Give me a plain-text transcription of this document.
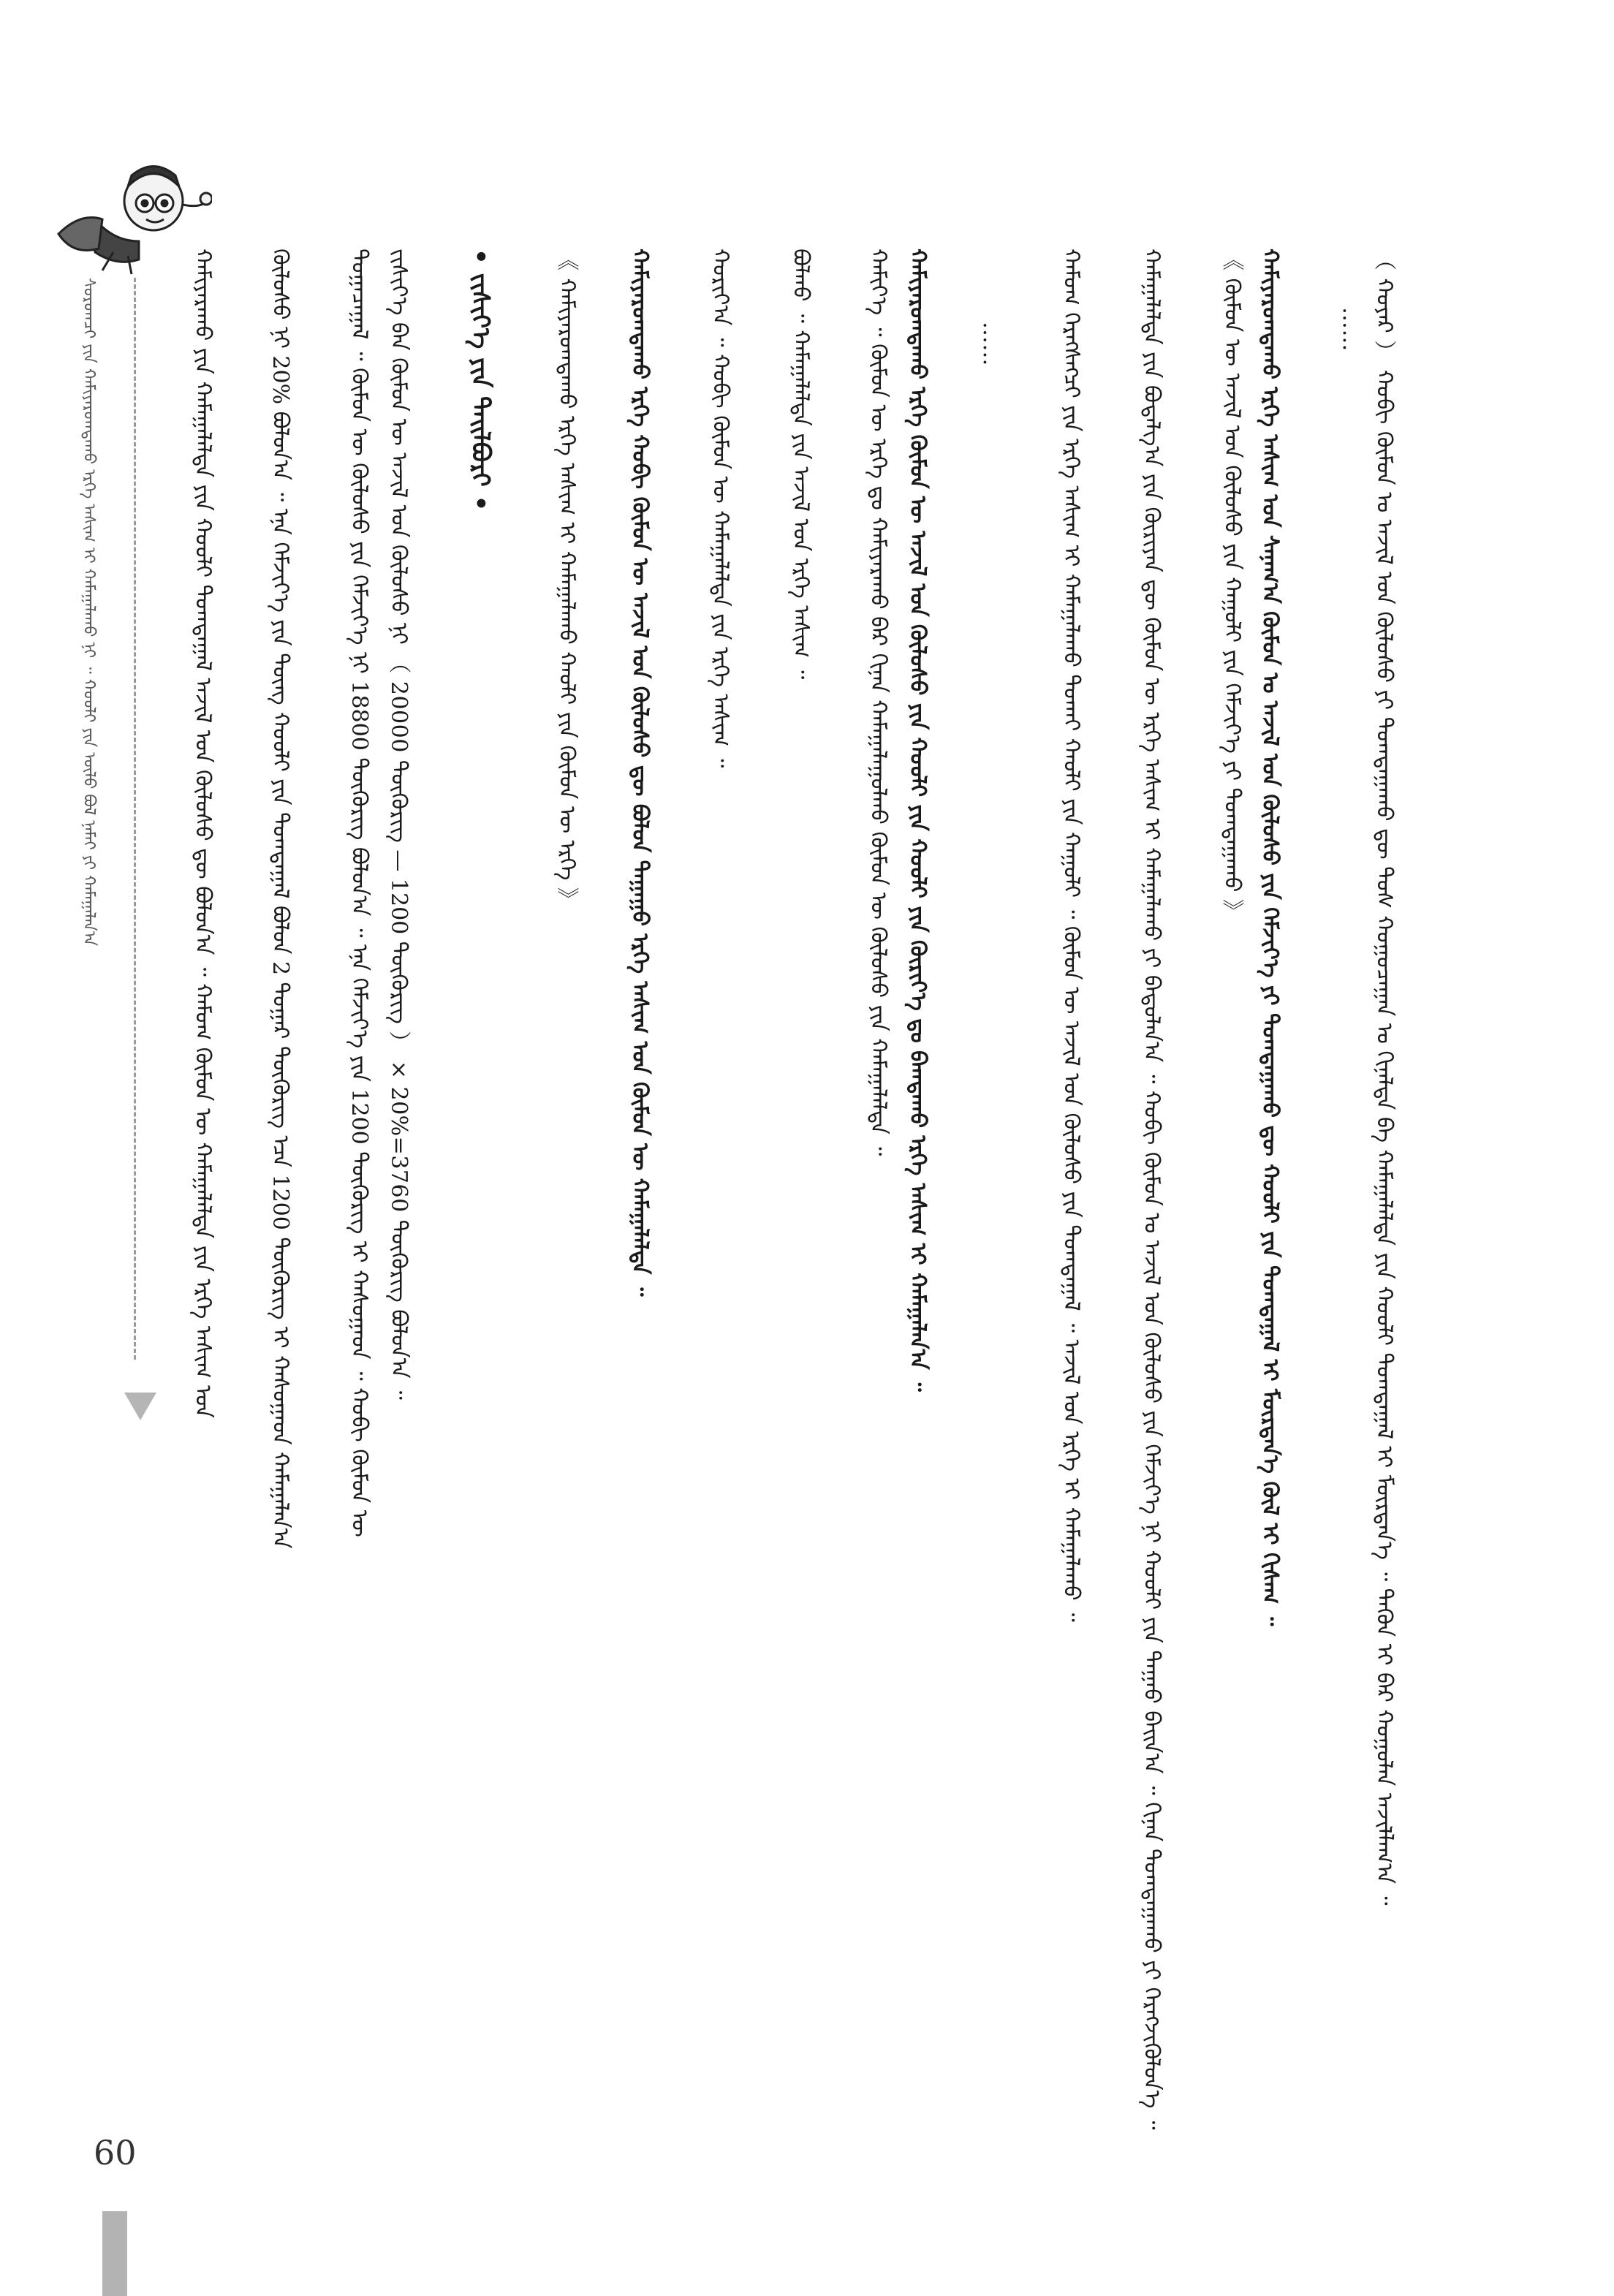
ᠰᠤᠷᠤᠭᠴᠢ ᠶᠢᠨ ᠬᠠᠮᠢᠶᠠᠷᠤᠭᠳᠠᠬᠤ ᠡᠷᠬᠡ ᠠᠰᠢᠭ ᠢ ᠬᠠᠮᠠᠭᠠᠯᠠᠬᠤ ᠨᠢ ᠃ ᠬᠤᠤᠯᠢ ᠶᠢᠨ ᠦᠯᠦ ᠪᠤᠯ ᠨᠠᠮᠠᠢ ᠶᠢ ᠬᠠᠮᠠᠭᠠᠯᠠᠨ᠎ᠠ	（ ᠬᠤᠶᠠᠷ ） ᠬᠤᠪᠢ ᠬᠦᠮᠦᠨ ᠤ ᠠᠵᠢᠯ ᠤᠨ ᠬᠥᠯᠥᠰᠦ ᠶᠢ ᠲᠣᠭᠲᠠᠭᠠᠬᠤ ᠳᠦ ᠲᠤᠰ ᠬᠤᠭᠤᠴᠠᠭᠠᠨ ᠤ ᠬᠢᠨᠠᠯᠲᠠ ᠪᠠ ᠬᠠᠮᠠᠭᠠᠯᠠᠯᠲᠠ ᠶᠢᠨ ᠬᠤᠤᠯᠢ ᠲᠣᠭᠲᠠᠭᠠᠯ ᠢ ᠮᠥᠷᠳᠡᠨ᠎ᠡ ᠃ ᠲᠡᠭᠦᠨ ᠢ ᠪᠠᠷ ᠬᠣᠭᠤᠯᠠᠨ ᠠᠵᠢᠯᠯᠠᠭ᠎ᠠ ᠃
……
ᠬᠠᠮᠢᠶᠠᠷᠤᠭᠳᠠᠬᠤ ᠡᠷᠬᠡ ᠠᠰᠢᠭ ᠤᠨ ᠰᠠᠨᠠᠭ᠎ᠠ ᠬᠥᠮᠦᠨ ᠤ ᠠᠵᠢᠯ ᠤᠨ ᠬᠥᠯᠥᠰᠦ ᠶᠢᠨ ᠬᠡᠮᠵᠢᠶ᠎ᠡ ᠶᠢ ᠲᠣᠭᠲᠠᠭᠠᠬᠤ ᠳᠦ ᠬᠣᠤᠯᠢ ᠶᠢᠨ ᠲᠤᠭᠲᠠᠭᠠᠯ ᠢ ᠮᠥᠷᠳᠡᠨ᠎ᠡ ᠬᠦᠯ ᠢ ᠬᠢᠰᠠᠭ ᠃
《 ᠬᠥᠮᠦᠨ ᠦ ᠠᠵᠢᠯ ᠤᠨ ᠬᠥᠯᠥᠰᠦ ᠶᠢᠨ ᠬᠠᠭᠤᠯᠢ ᠶᠢᠨ ᠬᠡᠮᠵᠢᠶ᠎ᠡ ᠶᠢ ᠲᠣᠭᠲᠠᠭᠠᠬᠤ 》
ᠬᠠᠮᠠᠭᠠᠯᠠᠯᠲᠠ ᠶᠢᠨ ᠪᠣᠳᠠᠯᠭ᠎ᠠ ᠶᠢᠨ ᠬᠦᠷᠢᠶᠡᠨ ᠳᠦ ᠬᠥᠮᠦᠨ ᠦ ᠡᠷᠬᠡ ᠠᠰᠢᠭ ᠢ ᠬᠠᠮᠠᠭᠠᠯᠠᠬᠤ ᠶᠢ ᠪᠠᠲᠤᠯᠠᠨ᠎ᠠ ᠃ ᠬᠤᠪᠢ ᠬᠦᠮᠦᠨ ᠤ ᠠᠵᠢᠯ ᠤᠨ ᠬᠥᠯᠥᠰᠦ ᠶᠢᠨ ᠬᠡᠮᠵᠢᠶ᠎ᠡ ᠨᠢ ᠬᠤᠤᠯᠢ ᠶᠢᠨ ᠳᠠᠭᠠᠤ ᠪᠠᠢᠨ᠎ᠠ ᠃ ᠬᠢᠨᠠᠨ ᠲᠣᠭᠲᠠᠭᠠᠬᠤ ᠶᠢ ᠬᠡᠷᠡᠭᠵᠢᠭᠦᠯᠦᠨ᠎ᠡ ᠃
ᠬᠠᠮᠤᠭ ᠬᠡᠷᠡᠭᠰᠡᠭᠴᠢ ᠶᠢᠨ ᠡᠷᠬᠡ ᠠᠰᠢᠭ ᠢ ᠬᠠᠮᠠᠭᠠᠯᠠᠬᠤ ᠲᠤᠬᠠᠢ ᠬᠠᠤᠯᠢ ᠶᠢᠨ ᠬᠠᠭᠤᠯᠢ ᠃ ᠬᠥᠮᠦᠨ ᠦ ᠠᠵᠢᠯ ᠤᠨ ᠬᠥᠯᠥᠰᠦ ᠶᠢᠨ ᠲᠣᠭᠲᠠᠭᠠᠯ ᠃ ᠠᠵᠢᠯ ᠤᠨ ᠡᠷᠬᠡ ᠢ ᠬᠠᠮᠠᠭᠠᠯᠠᠬᠤ ᠃
……
ᠬᠠᠮᠢᠶᠠᠷᠤᠭᠳᠠᠬᠤ ᠡᠷᠬᠡ ᠬᠥᠮᠦᠨ ᠦ ᠠᠵᠢᠯ ᠤᠨ ᠬᠥᠯᠥᠰᠦ ᠶᠢᠨ ᠬᠤᠤᠯᠢ ᠶᠢᠨ ᠬᠤᠤᠯᠢ ᠶᠢᠨ ᠬᠦᠷᠢᠶ᠎ᠡ ᠳᠤ ᠪᠠᠭᠲᠠᠬᠤ ᠡᠷᠬᠡ ᠠᠰᠢᠭ ᠢ ᠬᠠᠮᠠᠭᠠᠯᠠᠨ᠎ᠠ ᠃
ᠬᠠᠮᠢᠶ᠎ᠡ ᠃ ᠬᠦᠮᠦᠨ ᠦ ᠡᠷᠬᠡ ᠳᠤ ᠬᠠᠮᠢᠶᠠᠷᠠᠬᠤ ᠪᠡᠷ ᠬᠢᠨᠠᠨ ᠬᠠᠮᠠᠭᠠᠯᠠᠭᠤᠯᠬᠤ ᠬᠥᠮᠦᠨ ᠦ ᠬᠥᠯᠥᠰᠦ ᠶᠢᠨ ᠬᠠᠮᠠᠭᠠᠯᠠᠯᠲᠠ ᠃
ᠪᠣᠯᠬᠤ ᠃ ᠬᠠᠮᠠᠭᠠᠯᠠᠯᠲᠠ ᠶᠢᠨ ᠠᠵᠢᠯ ᠤᠨ ᠡᠷᠬᠡ ᠠᠰᠢᠭ ᠃
ᠬᠣᠷᠢᠶ᠎ᠠ ᠃ ᠬᠤᠪᠢ ᠬᠦᠮᠦᠨ ᠦ ᠬᠠᠮᠠᠭᠠᠯᠠᠯᠲᠠ ᠶᠢᠨ ᠡᠷᠬᠡ ᠠᠰᠢᠭ ᠃
ᠬᠠᠮᠢᠶᠠᠷᠤᠭᠳᠠᠬᠤ ᠡᠷᠬᠡ ᠬᠤᠪᠢ ᠬᠦᠮᠦᠨ ᠦ ᠠᠵᠢᠯ ᠤᠨ ᠬᠥᠯᠥᠰᠦ ᠳᠦ ᠪᠣᠯᠤᠨ ᠳᠠᠭᠠᠭᠤ ᠡᠷᠬᠡ ᠠᠰᠢᠭ ᠤᠨ ᠬᠥᠮᠦᠨ ᠦ ᠬᠠᠮᠠᠭᠠᠯᠠᠯᠲᠠ ᠃
《 ᠬᠠᠮᠢᠶᠠᠷᠤᠭᠳᠠᠬᠤ ᠡᠷᠬᠡ ᠠᠰᠢᠭ ᠢ ᠬᠠᠮᠠᠭᠠᠯᠠᠬᠤ ᠬᠠᠤᠯᠢ ᠶᠢᠨ ᠬᠥᠮᠦᠨ ᠦ ᠡᠷᠬᠡ 》
• ᠵᠢᠱᠢᠶ᠎ᠡ ᠶᠢᠨ ᠲᠠᠢᠯᠪᠤᠷᠢ •
ᠵᠢᠱᠢᠶ᠎ᠡ ᠪᠡᠨ ᠬᠥᠮᠦᠨ ᠦ ᠠᠵᠢᠯ ᠤᠨ ᠬᠥᠯᠥᠰᠦ ᠨᠢ （ 20000 ᠲᠥᠭᠦᠷᠢᠭ — 1200 ᠲᠥᠭᠦᠷᠢᠭ ） × 20%=3760 ᠲᠥᠭᠦᠷᠢᠭ ᠪᠣᠯᠤᠨ᠎ᠠ ᠃
ᠲᠣᠭᠠᠴᠠᠭᠠᠯ ᠃ ᠬᠥᠮᠦᠨ ᠦ ᠬᠥᠯᠥᠰᠦ ᠶᠢᠨ ᠬᠡᠮᠵᠢᠶ᠎ᠡ ᠨᠢ 18800 ᠲᠥᠭᠦᠷᠢᠭ ᠪᠣᠯᠤᠨ᠎ᠠ ᠃ ᠡᠨᠡ ᠬᠡᠮᠵᠢᠶ᠎ᠡ ᠶᠢᠨ 1200 ᠲᠥᠭᠦᠷᠢᠭ ᠢ ᠬᠠᠰᠤᠭᠠᠳ ᠃ ᠬᠤᠪᠢ ᠬᠦᠮᠦᠨ ᠦ
ᠬᠥᠯᠥᠰᠦ ᠨᠢ 20% ᠪᠣᠯᠤᠨ᠎ᠠ ᠃ ᠡᠨᠡ ᠬᠡᠮᠵᠢᠶ᠎ᠡ ᠶᠢᠨ ᠳᠦᠩ ᠬᠤᠤᠯᠢ ᠶᠢᠨ ᠲᠣᠭᠲᠠᠭᠠᠯ ᠪᠣᠯᠤᠨ 2 ᠳᠤᠭᠠᠷ ᠲᠥᠭᠦᠷᠢᠭ ᠡᠴᠡ 1200 ᠲᠥᠭᠦᠷᠢᠭ ᠢ ᠬᠠᠰᠤᠭᠠᠳ ᠬᠠᠮᠠᠭᠠᠯᠠᠨ᠎ᠠ
ᠬᠠᠮᠢᠶᠠᠷᠠᠬᠤ ᠶᠢᠨ ᠬᠠᠮᠠᠭᠠᠯᠠᠯᠲᠠ ᠶᠢᠨ ᠬᠤᠤᠯᠢ ᠲᠣᠭᠲᠠᠭᠠᠯ ᠠᠵᠢᠯ ᠤᠨ ᠬᠥᠯᠥᠰᠦ ᠳᠦ ᠪᠣᠯᠤᠨ᠎ᠠ ᠃ ᠬᠠᠮᠤᠭ ᠬᠥᠮᠦᠨ ᠦ ᠬᠠᠮᠠᠭᠠᠯᠠᠯᠲᠠ ᠶᠢᠨ ᠡᠷᠬᠡ ᠠᠰᠢᠭ ᠤᠨ
60
